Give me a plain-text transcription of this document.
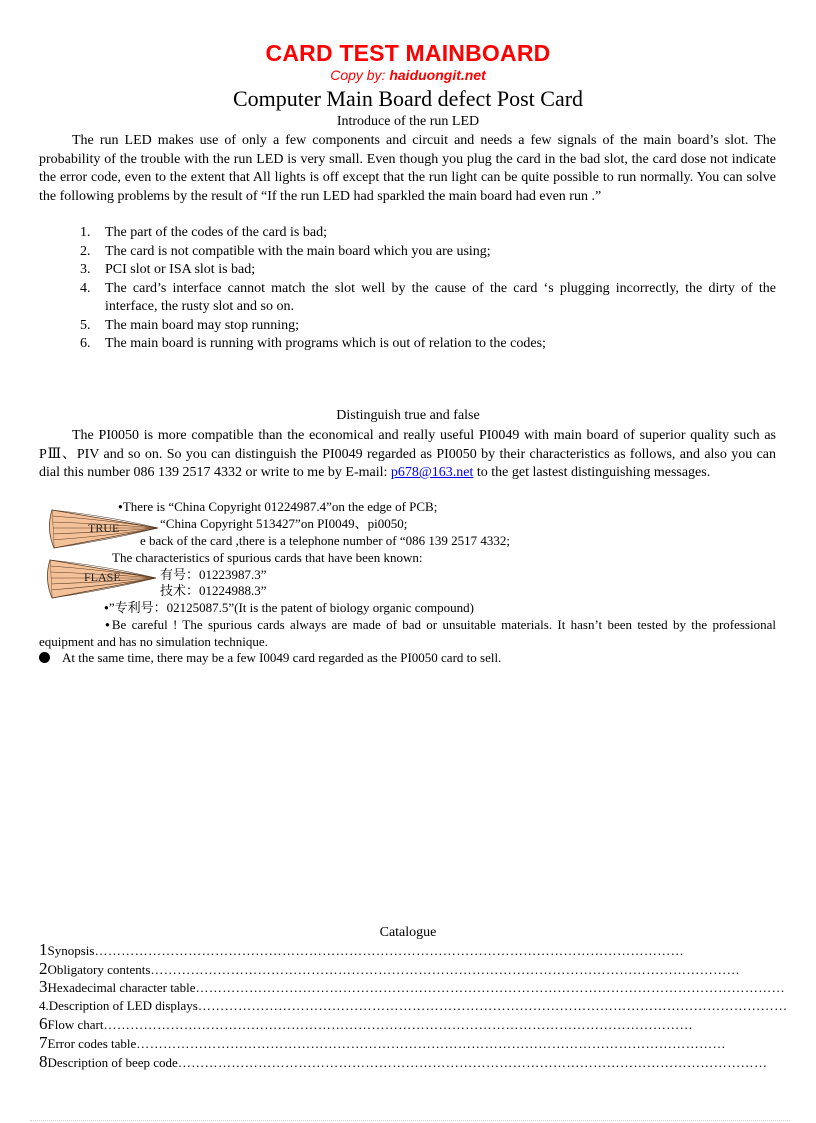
CARD TEST MAINBOARD
Copy by: haiduongit.net
Computer Main Board defect Post Card
Introduce of the run LED
The run LED makes use of only a few components and circuit and needs a few signals of the main board’s slot. The probability of the trouble with the run LED is very small. Even though you plug the card in the bad slot, the card dose not indicate the error code, even to the extent that All lights is off except that the run light can be quite possible to run normally. You can solve the following problems by the result of “If the run LED had sparkled the main board had even run .”
1. The part of the codes of the card is bad;
2. The card is not compatible with the main board which you are using;
3. PCI slot or ISA slot is bad;
4. The card’s interface cannot match the slot well by the cause of the card ‘s plugging incorrectly, the dirty of the interface, the rusty slot and so on.
5. The main board may stop running;
6. The main board is running with programs which is out of relation to the codes;
Distinguish true and false
The PI0050 is more compatible than the economical and really useful PI0049 with main board of superior quality such as PⅢ、PIV and so on. So you can distinguish the PI0049 regarded as PI0050 by their characteristics as follows, and also you can dial this number 086 139 2517 4332 or write to me by E-mail: p678@163.net to the get lastest distinguishing messages.
●There is “China Copyright 01224987.4”on the edge of PCB;
“China Copyright 513427”on PI0049、pi0050;
e back of the card ,there is a telephone number of “086 139 2517 4332;
The characteristics of spurious cards that have been known:
有号：01223987.3”
技术：01224988.3”
●”专利号：02125087.5”(It is the patent of biology organic compound)
●Be careful ! The spurious cards always are made of bad or unsuitable materials. It hasn’t been tested by the professional equipment and has no simulation technique.
At the same time, there may be a few I0049 card regarded as the PI0050 card to sell.
TRUE
FLASE
Catalogue
1Synopsis……………………………………………………………………………………………………………………
2Obligatory contents……………………………………………………………………………………………………………………
3Hexadecimal character table……………………………………………………………………………………………………………………
4.Description of LED displays……………………………………………………………………………………………………………………
6Flow chart……………………………………………………………………………………………………………………
7Error codes table……………………………………………………………………………………………………………………
8Description of beep code……………………………………………………………………………………………………………………
